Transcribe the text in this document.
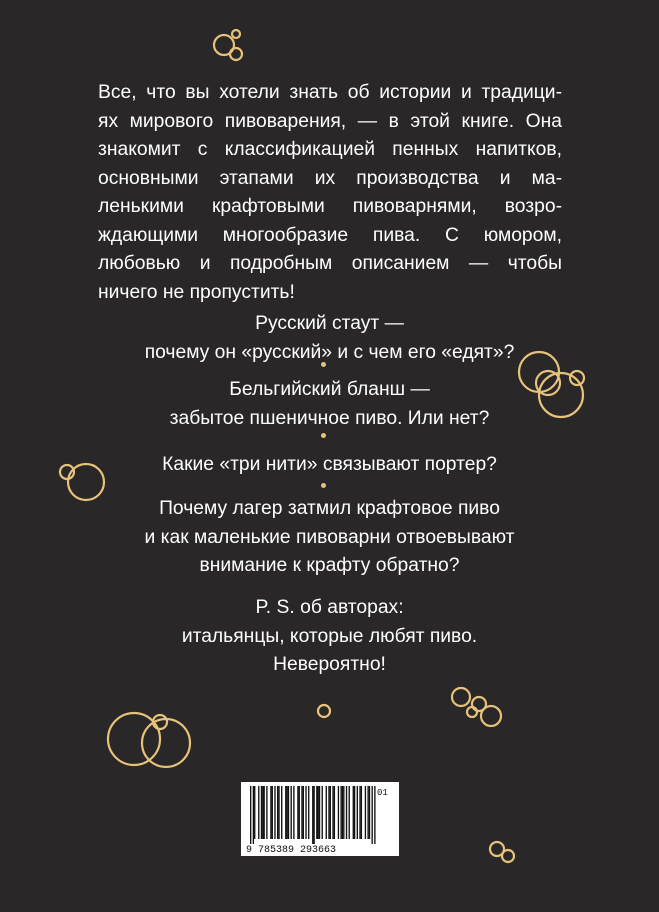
Все, что вы хотели знать об истории и традици-
ях мирового пивоварения, — в этой книге. Она
знакомит с классификацией пенных напитков,
основными этапами их производства и ма-
ленькими крафтовыми пивоварнями, возро-
ждающими многообразие пива. С юмором,
любовью и подробным описанием — чтобы
ничего не пропустить!
Русский стаут —
почему он «русский» и с чем его «едят»?
Бельгийский бланш —
забытое пшеничное пиво. Или нет?
Какие «три нити» связывают портер?
Почему лагер затмил крафтовое пиво
и как маленькие пивоварни отвоевывают
внимание к крафту обратно?
P. S. об авторах:
итальянцы, которые любят пиво.
Невероятно!
9 785389 293663
01
